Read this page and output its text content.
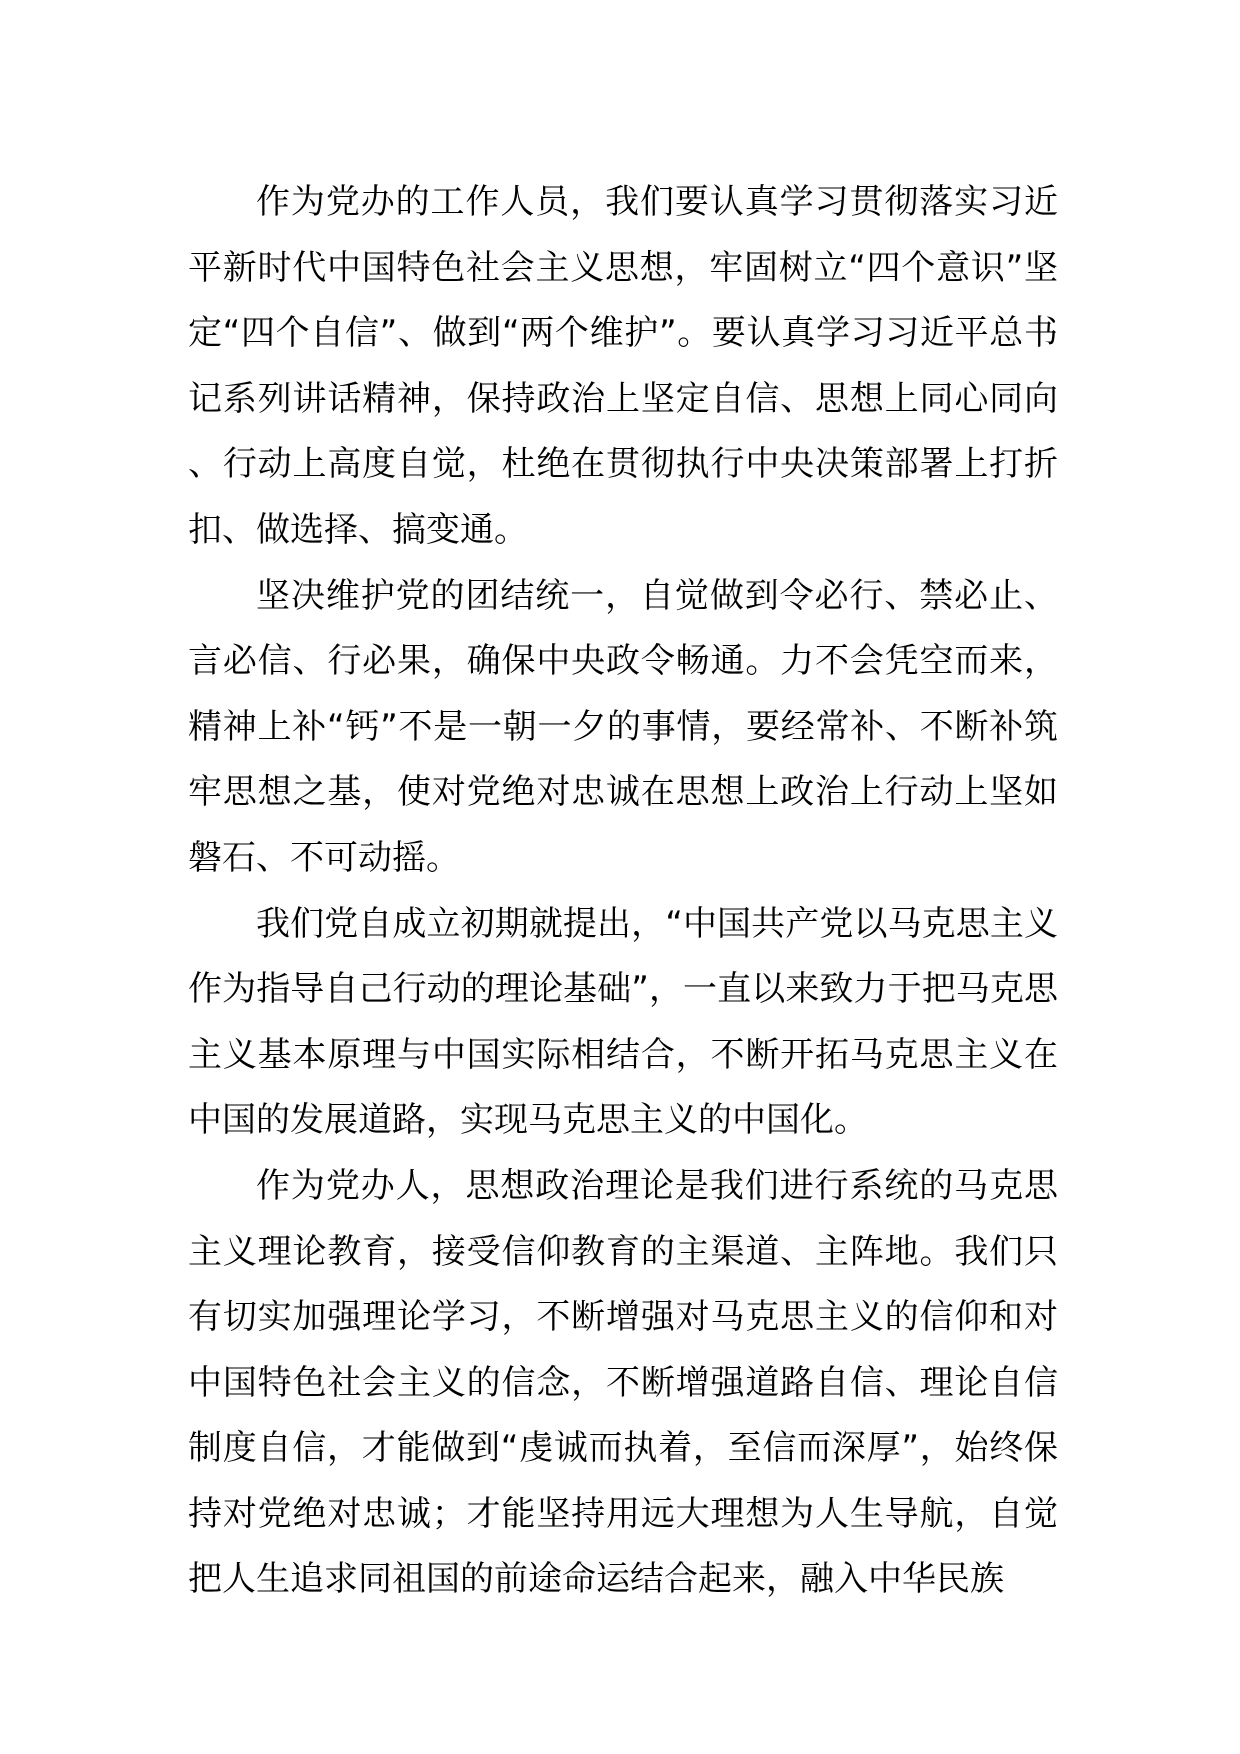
作为党办的工作人员，我们要认真学习贯彻落实习近平新时代中国特色社会主义思想，牢固树立“四个意识”坚定“四个自信”、做到“两个维护”。要认真学习习近平总书记系列讲话精神，保持政治上坚定自信、思想上同心同向、行动上高度自觉，杜绝在贯彻执行中央决策部署上打折扣、做选择、搞变通。

坚决维护党的团结统一，自觉做到令必行、禁必止、言必信、行必果，确保中央政令畅通。力不会凭空而来，精神上补“钙”不是一朝一夕的事情，要经常补、不断补筑牢思想之基，使对党绝对忠诚在思想上政治上行动上坚如磐石、不可动摇。

我们党自成立初期就提出，“中国共产党以马克思主义作为指导自己行动的理论基础”，一直以来致力于把马克思主义基本原理与中国实际相结合，不断开拓马克思主义在中国的发展道路，实现马克思主义的中国化。

作为党办人，思想政治理论是我们进行系统的马克思主义理论教育，接受信仰教育的主渠道、主阵地。我们只有切实加强理论学习，不断增强对马克思主义的信仰和对中国特色社会主义的信念，不断增强道路自信、理论自信制度自信，才能做到“虔诚而执着，至信而深厚”，始终保持对党绝对忠诚；才能坚持用远大理想为人生导航，自觉把人生追求同祖国的前途命运结合起来，融入中华民族
